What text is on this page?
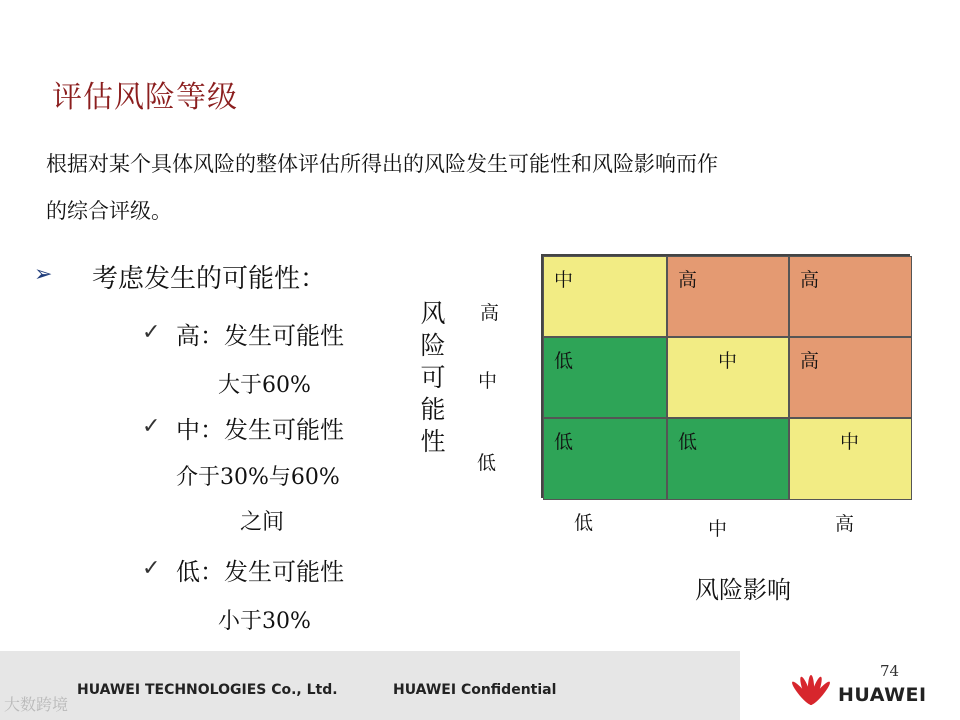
评估风险等级
根据对某个具体风险的整体评估所得出的风险发生可能性和风险影响而作
的综合评级。
➢ 考虑发生的可能性：
✓ 高：发生可能性
大于60%
✓ 中：发生可能性
介于30%与60%
之间
✓ 低：发生可能性
小于30%
风
险
可
能
性
高
中
低
中	高	高
低	中	高
低	低	中
低	中	高
风险影响
HUAWEI TECHNOLOGIES Co., Ltd.	HUAWEI Confidential
74
HUAWEI
大数跨境
